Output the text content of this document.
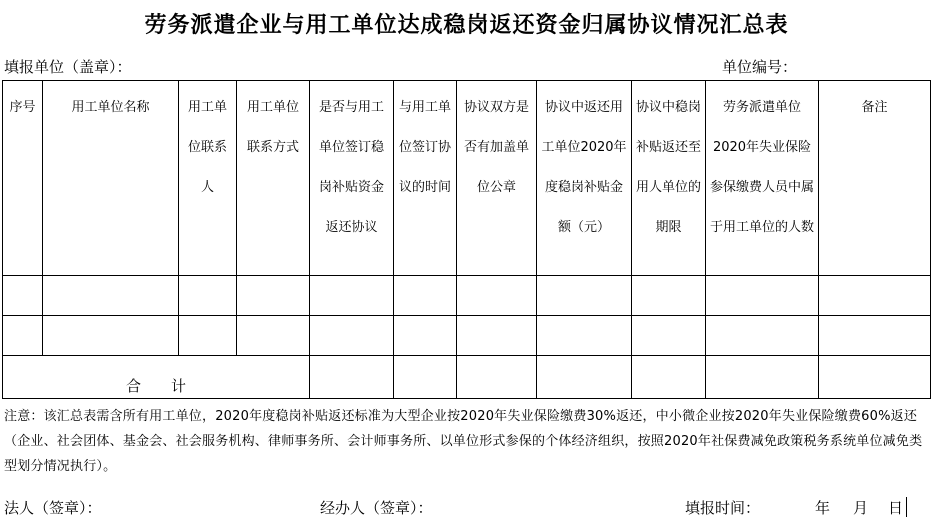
劳务派遣企业与用工单位达成稳岗返还资金归属协议情况汇总表
填报单位（盖章）：	单位编号：
序号	用工单位名称	用工单位联系人	用工单位联系方式	是否与用工单位签订稳岗补贴资金返还协议	与用工单位签订协议的时间	协议双方是否有加盖单位公章	协议中返还用工单位2020年度稳岗补贴金额（元）	协议中稳岗补贴返还至用人单位的期限	劳务派遣单位2020年失业保险参保缴费人员中属于用工单位的人数	备注

合　　计										
注意：该汇总表需含所有用工单位，2020年度稳岗补贴返还标准为大型企业按2020年失业保险缴费30%返还，中小微企业按2020年失业保险缴费60%返还（企业、社会团体、基金会、社会服务机构、律师事务所、会计师事务所、以单位形式参保的个体经济组织，按照2020年社保费减免政策税务系统单位减免类型划分情况执行）。
法人（签章）：	经办人（签章）：	填报时间：	年 月 日
